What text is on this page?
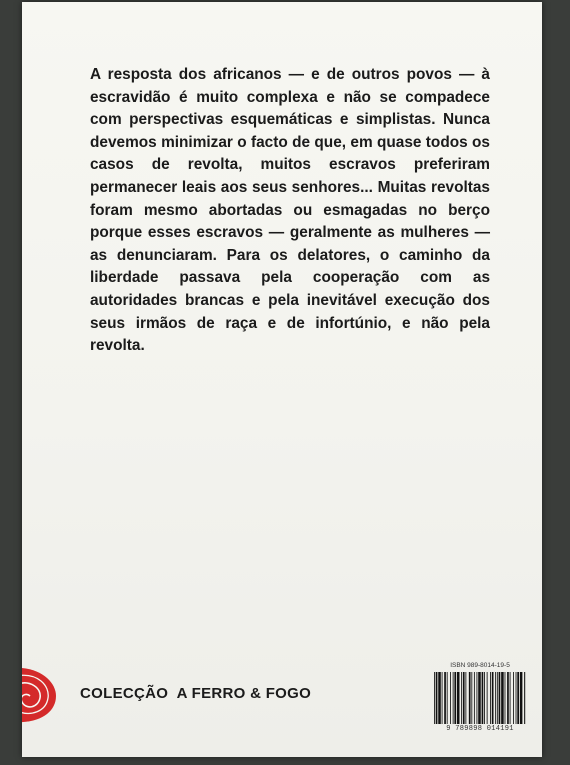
A resposta dos africanos — e de outros povos — à escravidão é muito complexa e não se compadece com perspectivas esquemáticas e simplistas. Nunca devemos minimizar o facto de que, em quase todos os casos de revolta, muitos escravos preferiram permanecer leais aos seus senhores... Muitas revoltas foram mesmo abortadas ou esmagadas no berço porque esses escravos — geralmente as mulheres — as denunciaram. Para os delatores, o caminho da liberdade passava pela cooperação com as autoridades brancas e pela inevitável execução dos seus irmãos de raça e de infortúnio, e não pela revolta.

COLECÇÃO  A FERRO & FOGO
ISBN 989-8014-19-5
9 789898 014191
